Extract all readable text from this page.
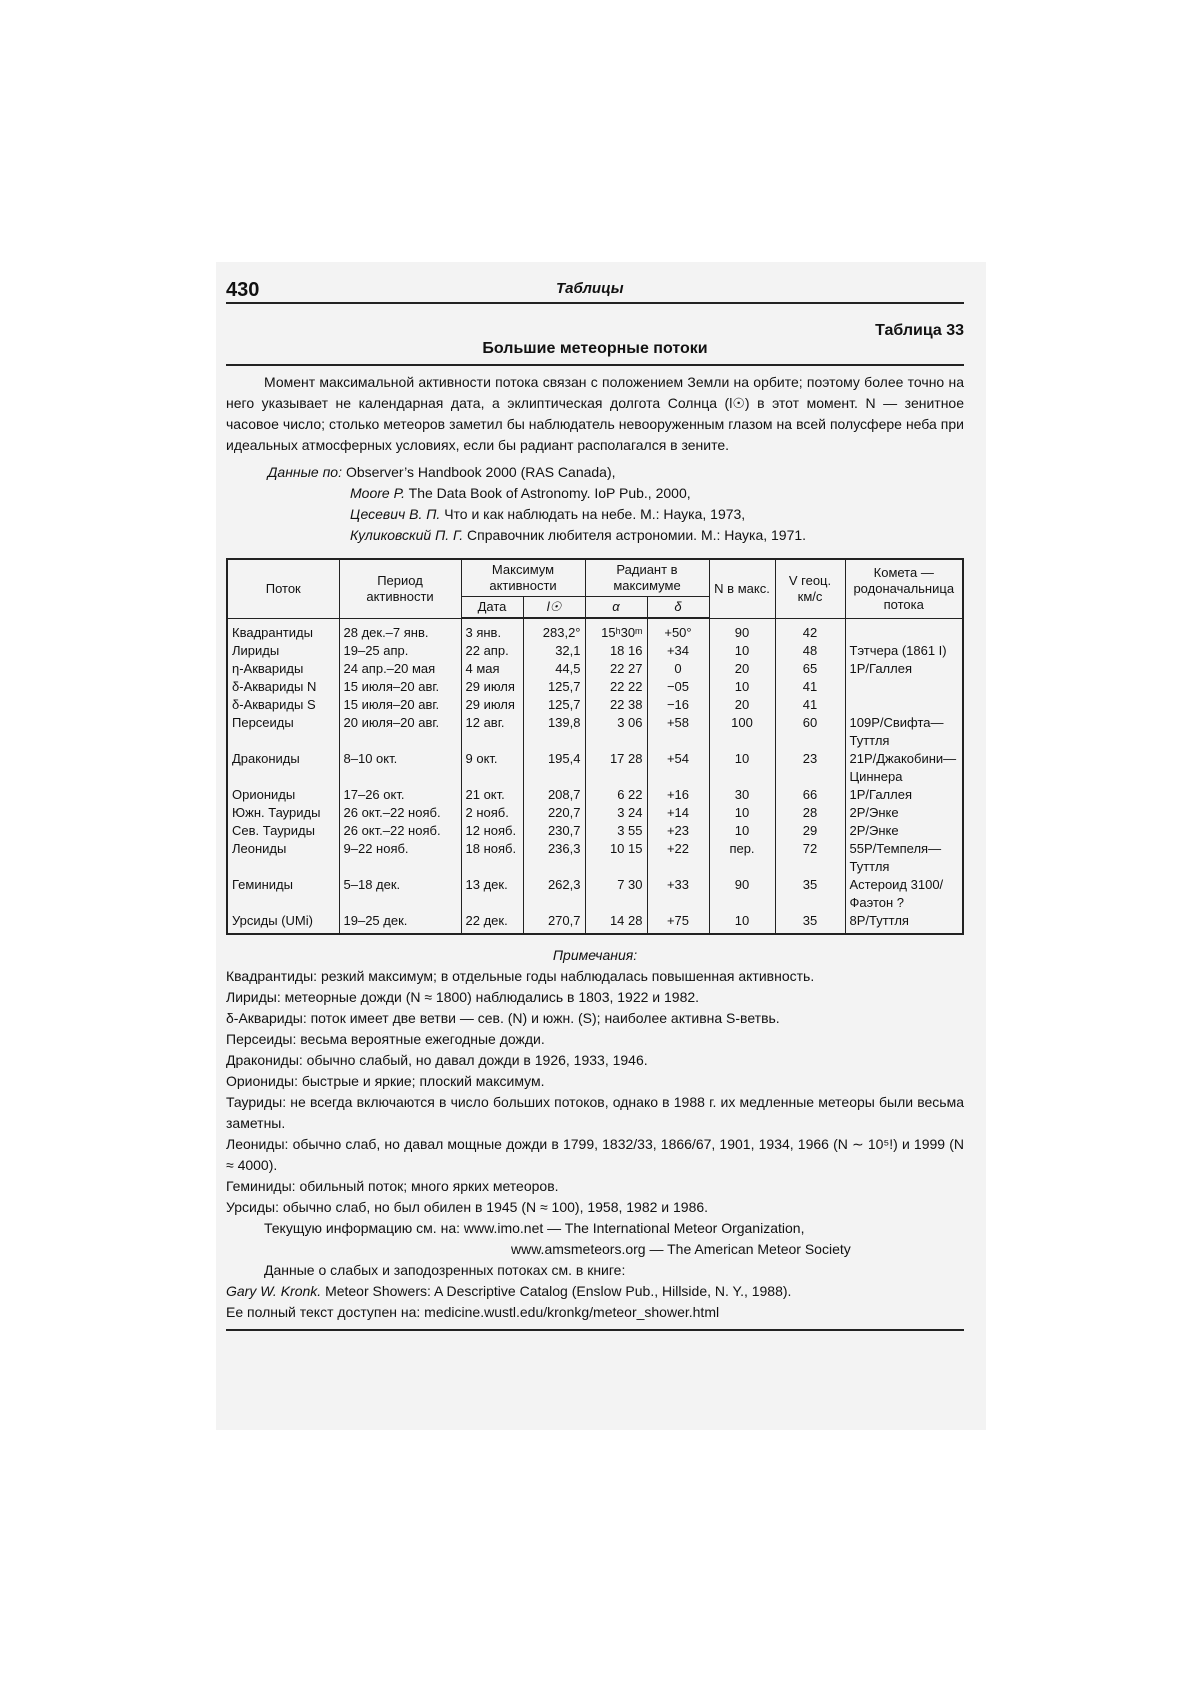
430	Таблицы
Таблица 33
Большие метеорные потоки

Момент максимальной активности потока связан с положением Земли на орбите; поэтому более точно на него указывает не календарная дата, а эклиптическая долгота Солнца (l☉) в этот момент. N — зенитное часовое число; столько метеоров заметил бы наблюдатель невооруженным глазом на всей полусфере неба при идеальных атмосферных условиях, если бы радиант располагался в зените.

Данные по: Observer’s Handbook 2000 (RAS Canada),
Moore P. The Data Book of Astronomy. IoP Pub., 2000,
Цесевич В. П. Что и как наблюдать на небе. М.: Наука, 1973,
Куликовский П. Г. Справочник любителя астрономии. М.: Наука, 1971.
Поток	Период активности	Максимум активности		Радиант в максимуме		N в макс.	V геоц. км/с	Комета — родоначальница потока
		Дата	l☉	α	δ			
Квадрантиды	28 дек.–7 янв.	3 янв.	283,2°	15ʰ30ᵐ	+50°	90	42	
Лириды	19–25 апр.	22 апр.	32,1	18 16	+34	10	48	Тэтчера (1861 I)
η-Аквариды	24 апр.–20 мая	4 мая	44,5	22 27	0	20	65	1P/Галлея
δ-Аквариды N	15 июля–20 авг.	29 июля	125,7	22 22	−05	10	41	
δ-Аквариды S	15 июля–20 авг.	29 июля	125,7	22 38	−16	20	41	
Персеиды	20 июля–20 авг.	12 авг.	139,8	3 06	+58	100	60	109P/Свифта—Туттля
Дракониды	8–10 окт.	9 окт.	195,4	17 28	+54	10	23	21P/Джакобини—Циннера
Ориониды	17–26 окт.	21 окт.	208,7	6 22	+16	30	66	1P/Галлея
Южн. Тауриды	26 окт.–22 нояб.	2 нояб.	220,7	3 24	+14	10	28	2P/Энке
Сев. Тауриды	26 окт.–22 нояб.	12 нояб.	230,7	3 55	+23	10	29	2P/Энке
Леониды	9–22 нояб.	18 нояб.	236,3	10 15	+22	пер.	72	55P/Темпеля—Туттля
Геминиды	5–18 дек.	13 дек.	262,3	7 30	+33	90	35	Астероид 3100/Фаэтон ?
Урсиды (UMi)	19–25 дек.	22 дек.	270,7	14 28	+75	10	35	8P/Туттля
Примечания:
Квадрантиды: резкий максимум; в отдельные годы наблюдалась повышенная активность.
Лириды: метеорные дожди (N ≈ 1800) наблюдались в 1803, 1922 и 1982.
δ-Аквариды: поток имеет две ветви — сев. (N) и южн. (S); наиболее активна S-ветвь.
Персеиды: весьма вероятные ежегодные дожди.
Дракониды: обычно слабый, но давал дожди в 1926, 1933, 1946.
Ориониды: быстрые и яркие; плоский максимум.
Тауриды: не всегда включаются в число больших потоков, однако в 1988 г. их медленные метеоры были весьма заметны.
Леониды: обычно слаб, но давал мощные дожди в 1799, 1832/33, 1866/67, 1901, 1934, 1966 (N ∼ 10⁵!) и 1999 (N ≈ 4000).
Геминиды: обильный поток; много ярких метеоров.
Урсиды: обычно слаб, но был обилен в 1945 (N ≈ 100), 1958, 1982 и 1986.
Текущую информацию см. на: www.imo.net — The International Meteor Organization,
www.amsmeteors.org — The American Meteor Society
Данные о слабых и заподозренных потоках см. в книге:
Gary W. Kronk. Meteor Showers: A Descriptive Catalog (Enslow Pub., Hillside, N. Y., 1988).
Ее полный текст доступен на: medicine.wustl.edu/kronkg/meteor_shower.html
